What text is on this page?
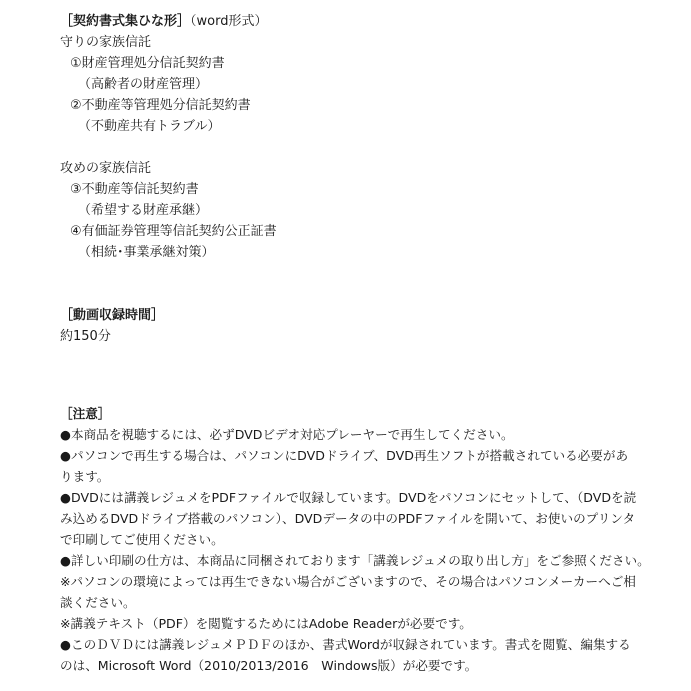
［契約書式集ひな形］（word形式）
守りの家族信託
①財産管理処分信託契約書
（高齢者の財産管理）
②不動産等管理処分信託契約書
（不動産共有トラブル）
攻めの家族信託
③不動産等信託契約書
（希望する財産承継）
④有価証券管理等信託契約公正証書
（相続･事業承継対策）
［動画収録時間］
約150分
［注意］
●本商品を視聴するには、必ずDVDビデオ対応プレーヤーで再生してください。
●パソコンで再生する場合は、パソコンにDVDドライブ、DVD再生ソフトが搭載されている必要があります。
●DVDには講義レジュメをPDFファイルで収録しています。DVDをパソコンにセットして、（DVDを読み込めるDVDドライブ搭載のパソコン）、DVDデータの中のPDFファイルを開いて、お使いのプリンタで印刷してご使用ください。
●詳しい印刷の仕方は、本商品に同梱されております「講義レジュメの取り出し方」をご参照ください。
※パソコンの環境によっては再生できない場合がございますので、その場合はパソコンメーカーへご相談ください。
※講義テキスト（PDF）を閲覧するためにはAdobe Readerが必要です。
●このＤＶＤには講義レジュメＰＤＦのほか、書式Wordが収録されています。書式を閲覧、編集するのは、Microsoft Word（2010/2013/2016　Windows版）が必要です。
